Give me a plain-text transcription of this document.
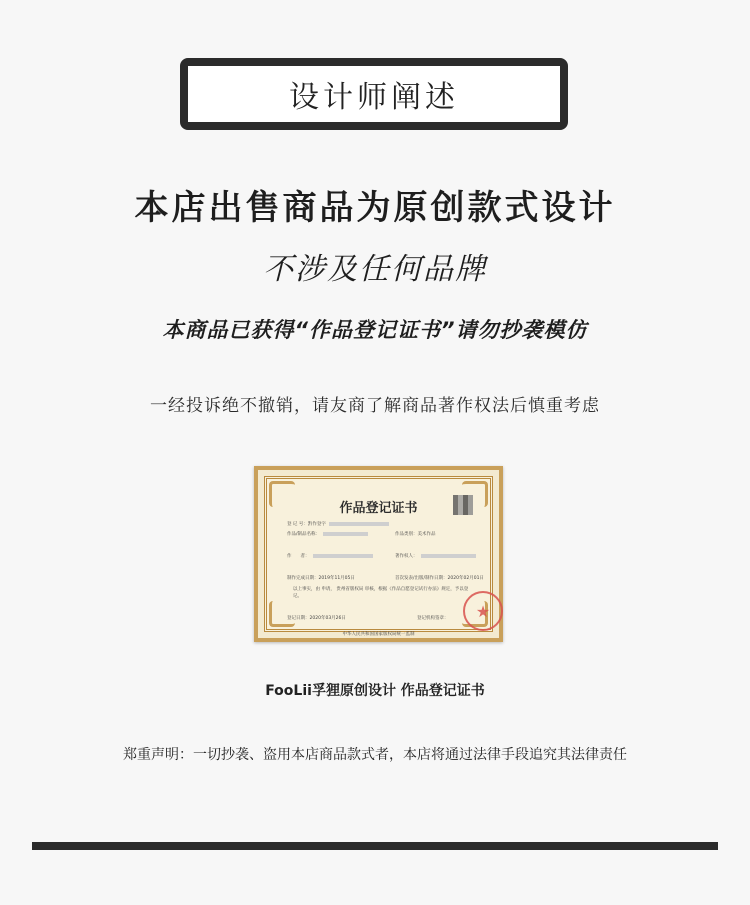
设计师阐述
本店出售商品为原创款式设计
不涉及任何品牌
本商品已获得“作品登记证书”请勿抄袭模仿
一经投诉绝不撤销，请友商了解商品著作权法后慎重考虑
作品登记证书
登 记 号：黔作登字
作品/制品名称：	作品类别：美术作品
作　　者：	著作权人：
制作完成日期：2019年11月05日	首次发表/出版/制作日期：2020年02月01日
以上事实，由 申请， 贵州省版权局 审核，根据《作品自愿登记试行办法》规定，予以登记。
登记日期：2020年03月26日	登记机构签章：	★
中华人民共和国国家版权局统一监制
FooLii孚狸原创设计 作品登记证书
郑重声明：一切抄袭、盗用本店商品款式者，本店将通过法律手段追究其法律责任
